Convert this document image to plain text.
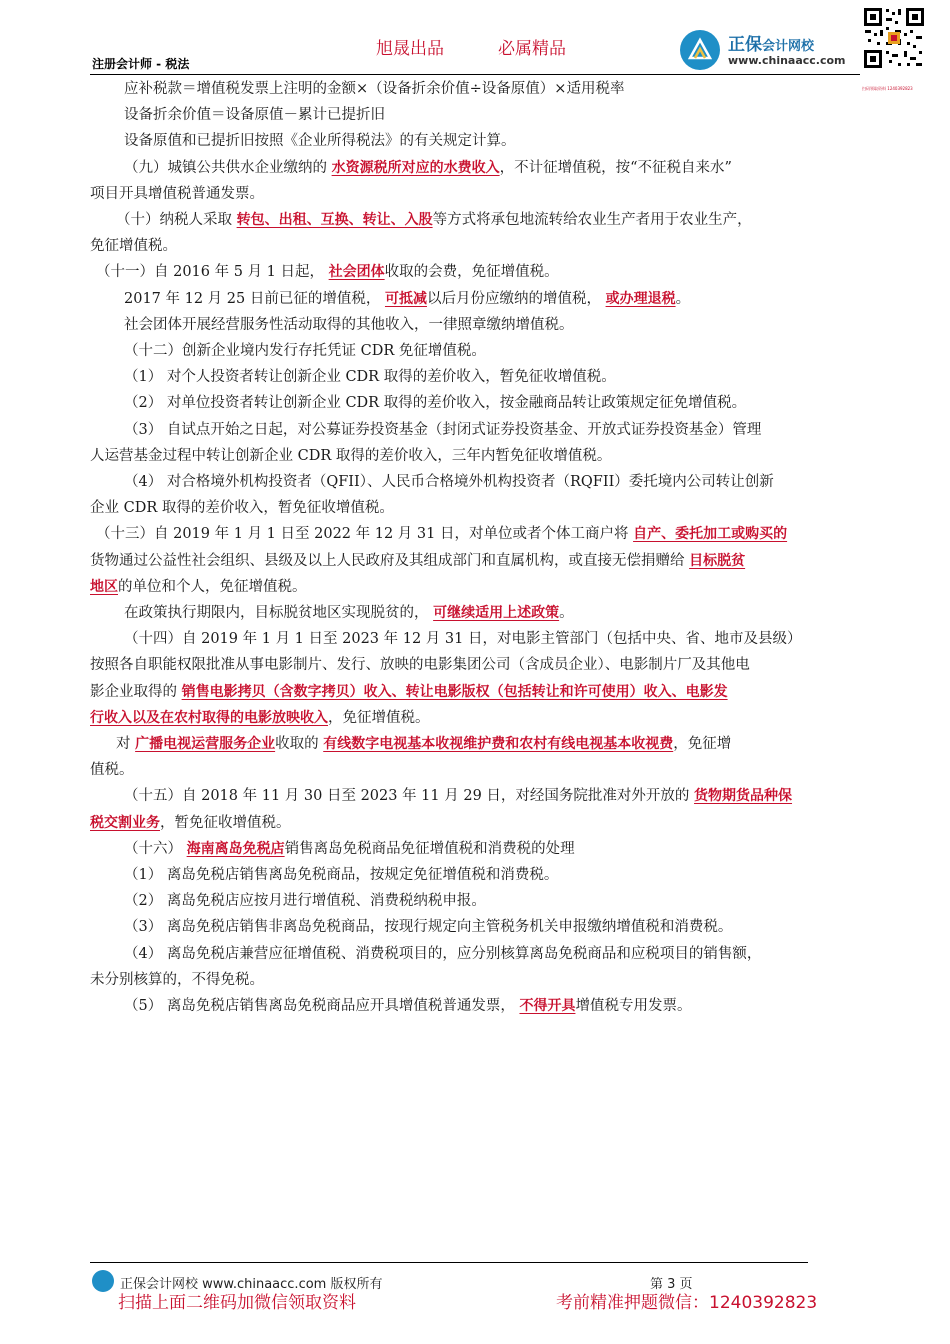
旭晟出品	必属精品
注册会计师 - 税法
正保会计网校
www.chinaacc.com
扫码领取资料 1240392823
应补税款＝增值税发票上注明的金额×（设备折余价值÷设备原值）×适用税率
设备折余价值＝设备原值－累计已提折旧
设备原值和已提折旧按照《企业所得税法》的有关规定计算。
（九）城镇公共供水企业缴纳的 水资源税所对应的水费收入，不计征增值税，按“不征税自来水”
项目开具增值税普通发票。
（十）纳税人采取 转包、出租、互换、转让、入股等方式将承包地流转给农业生产者用于农业生产，
免征增值税。
（十一）自 2016 年 5 月 1 日起， 社会团体收取的会费，免征增值税。
2017 年 12 月 25 日前已征的增值税， 可抵减以后月份应缴纳的增值税， 或办理退税。
社会团体开展经营服务性活动取得的其他收入，一律照章缴纳增值税。
（十二）创新企业境内发行存托凭证 CDR 免征增值税。
（1） 对个人投资者转让创新企业 CDR 取得的差价收入，暂免征收增值税。
（2） 对单位投资者转让创新企业 CDR 取得的差价收入，按金融商品转让政策规定征免增值税。
（3） 自试点开始之日起，对公募证券投资基金（封闭式证券投资基金、开放式证券投资基金）管理
人运营基金过程中转让创新企业 CDR 取得的差价收入，三年内暂免征收增值税。
（4） 对合格境外机构投资者（QFII）、人民币合格境外机构投资者（RQFII）委托境内公司转让创新
企业 CDR 取得的差价收入，暂免征收增值税。
（十三）自 2019 年 1 月 1 日至 2022 年 12 月 31 日，对单位或者个体工商户将 自产、委托加工或购买的
货物通过公益性社会组织、县级及以上人民政府及其组成部门和直属机构，或直接无偿捐赠给 目标脱贫
地区的单位和个人，免征增值税。
在政策执行期限内，目标脱贫地区实现脱贫的， 可继续适用上述政策。
（十四）自 2019 年 1 月 1 日至 2023 年 12 月 31 日，对电影主管部门（包括中央、省、地市及县级）
按照各自职能权限批准从事电影制片、发行、放映的电影集团公司（含成员企业）、电影制片厂及其他电
影企业取得的 销售电影拷贝（含数字拷贝）收入、转让电影版权（包括转让和许可使用）收入、电影发
行收入以及在农村取得的电影放映收入，免征增值税。
对 广播电视运营服务企业收取的 有线数字电视基本收视维护费和农村有线电视基本收视费，免征增
值税。
（十五）自 2018 年 11 月 30 日至 2023 年 11 月 29 日，对经国务院批准对外开放的 货物期货品种保
税交割业务，暂免征收增值税。
（十六） 海南离岛免税店销售离岛免税商品免征增值税和消费税的处理
（1） 离岛免税店销售离岛免税商品，按规定免征增值税和消费税。
（2） 离岛免税店应按月进行增值税、消费税纳税申报。
（3） 离岛免税店销售非离岛免税商品，按现行规定向主管税务机关申报缴纳增值税和消费税。
（4） 离岛免税店兼营应征增值税、消费税项目的，应分别核算离岛免税商品和应税项目的销售额，
未分别核算的，不得免税。
（5） 离岛免税店销售离岛免税商品应开具增值税普通发票， 不得开具增值税专用发票。
正保会计网校 www.chinaacc.com 版权所有	第 3 页
扫描上面二维码加微信领取资料	考前精准押题微信：1240392823
